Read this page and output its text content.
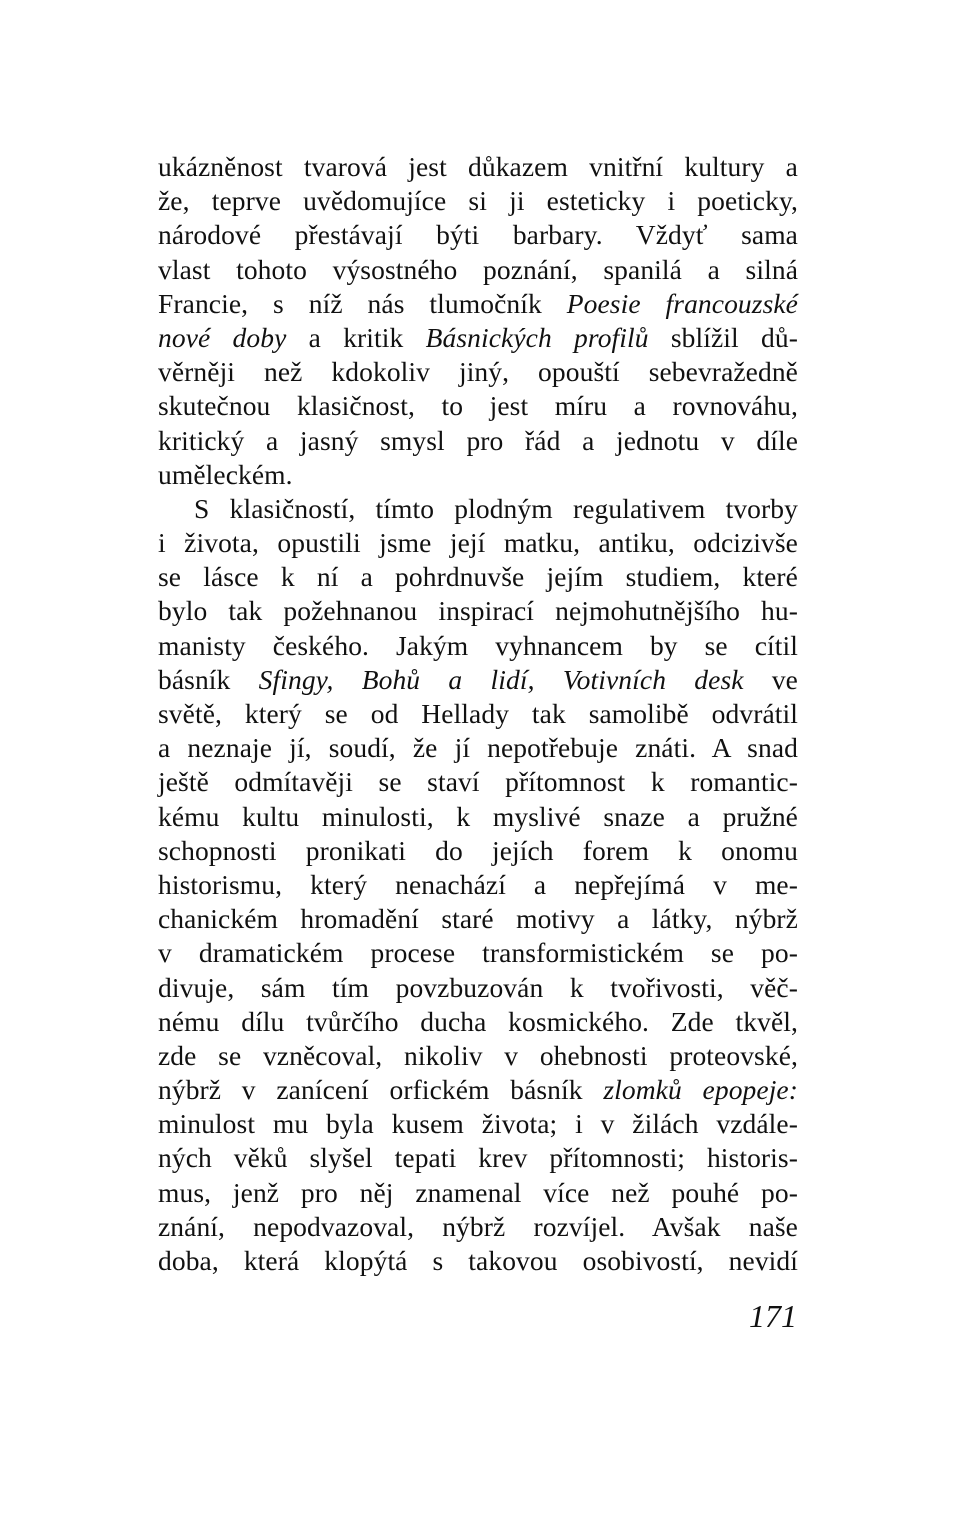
ukázněnost tvarová jest důkazem vnitřní kultury a
že, teprve uvědomujíce si ji esteticky i poeticky,
národové přestávají býti barbary. Vždyť sama
vlast tohoto výsostného poznání, spanilá a silná
Francie, s níž nás tlumočník Poesie francouzské
nové doby a kritik Básnických profilů sblížil dů-
věrněji než kdokoliv jiný, opouští sebevražedně
skutečnou klasičnost, to jest míru a rovnováhu,
kritický a jasný smysl pro řád a jednotu v díle
uměleckém.
S klasičností, tímto plodným regulativem tvorby
i života, opustili jsme její matku, antiku, odcizivše
se lásce k ní a pohrdnuvše jejím studiem, které
bylo tak požehnanou inspirací nejmohutnějšího hu-
manisty českého. Jakým vyhnancem by se cítil
básník Sfingy, Bohů a lidí, Votivních desk ve
světě, který se od Hellady tak samolibě odvrátil
a neznaje jí, soudí, že jí nepotřebuje znáti. A snad
ještě odmítavěji se staví přítomnost k romantic-
kému kultu minulosti, k myslivé snaze a pružné
schopnosti pronikati do jejích forem k onomu
historismu, který nenachází a nepřejímá v me-
chanickém hromadění staré motivy a látky, nýbrž
v dramatickém procese transformistickém se po-
divuje, sám tím povzbuzován k tvořivosti, věč-
nému dílu tvůrčího ducha kosmického. Zde tkvěl,
zde se vzněcoval, nikoliv v ohebnosti proteovské,
nýbrž v zanícení orfickém básník zlomků epopeje:
minulost mu byla kusem života; i v žilách vzdále-
ných věků slyšel tepati krev přítomnosti; historis-
mus, jenž pro něj znamenal více než pouhé po-
znání, nepodvazoval, nýbrž rozvíjel. Avšak naše
doba, která klopýtá s takovou osobivostí, nevidí
171
